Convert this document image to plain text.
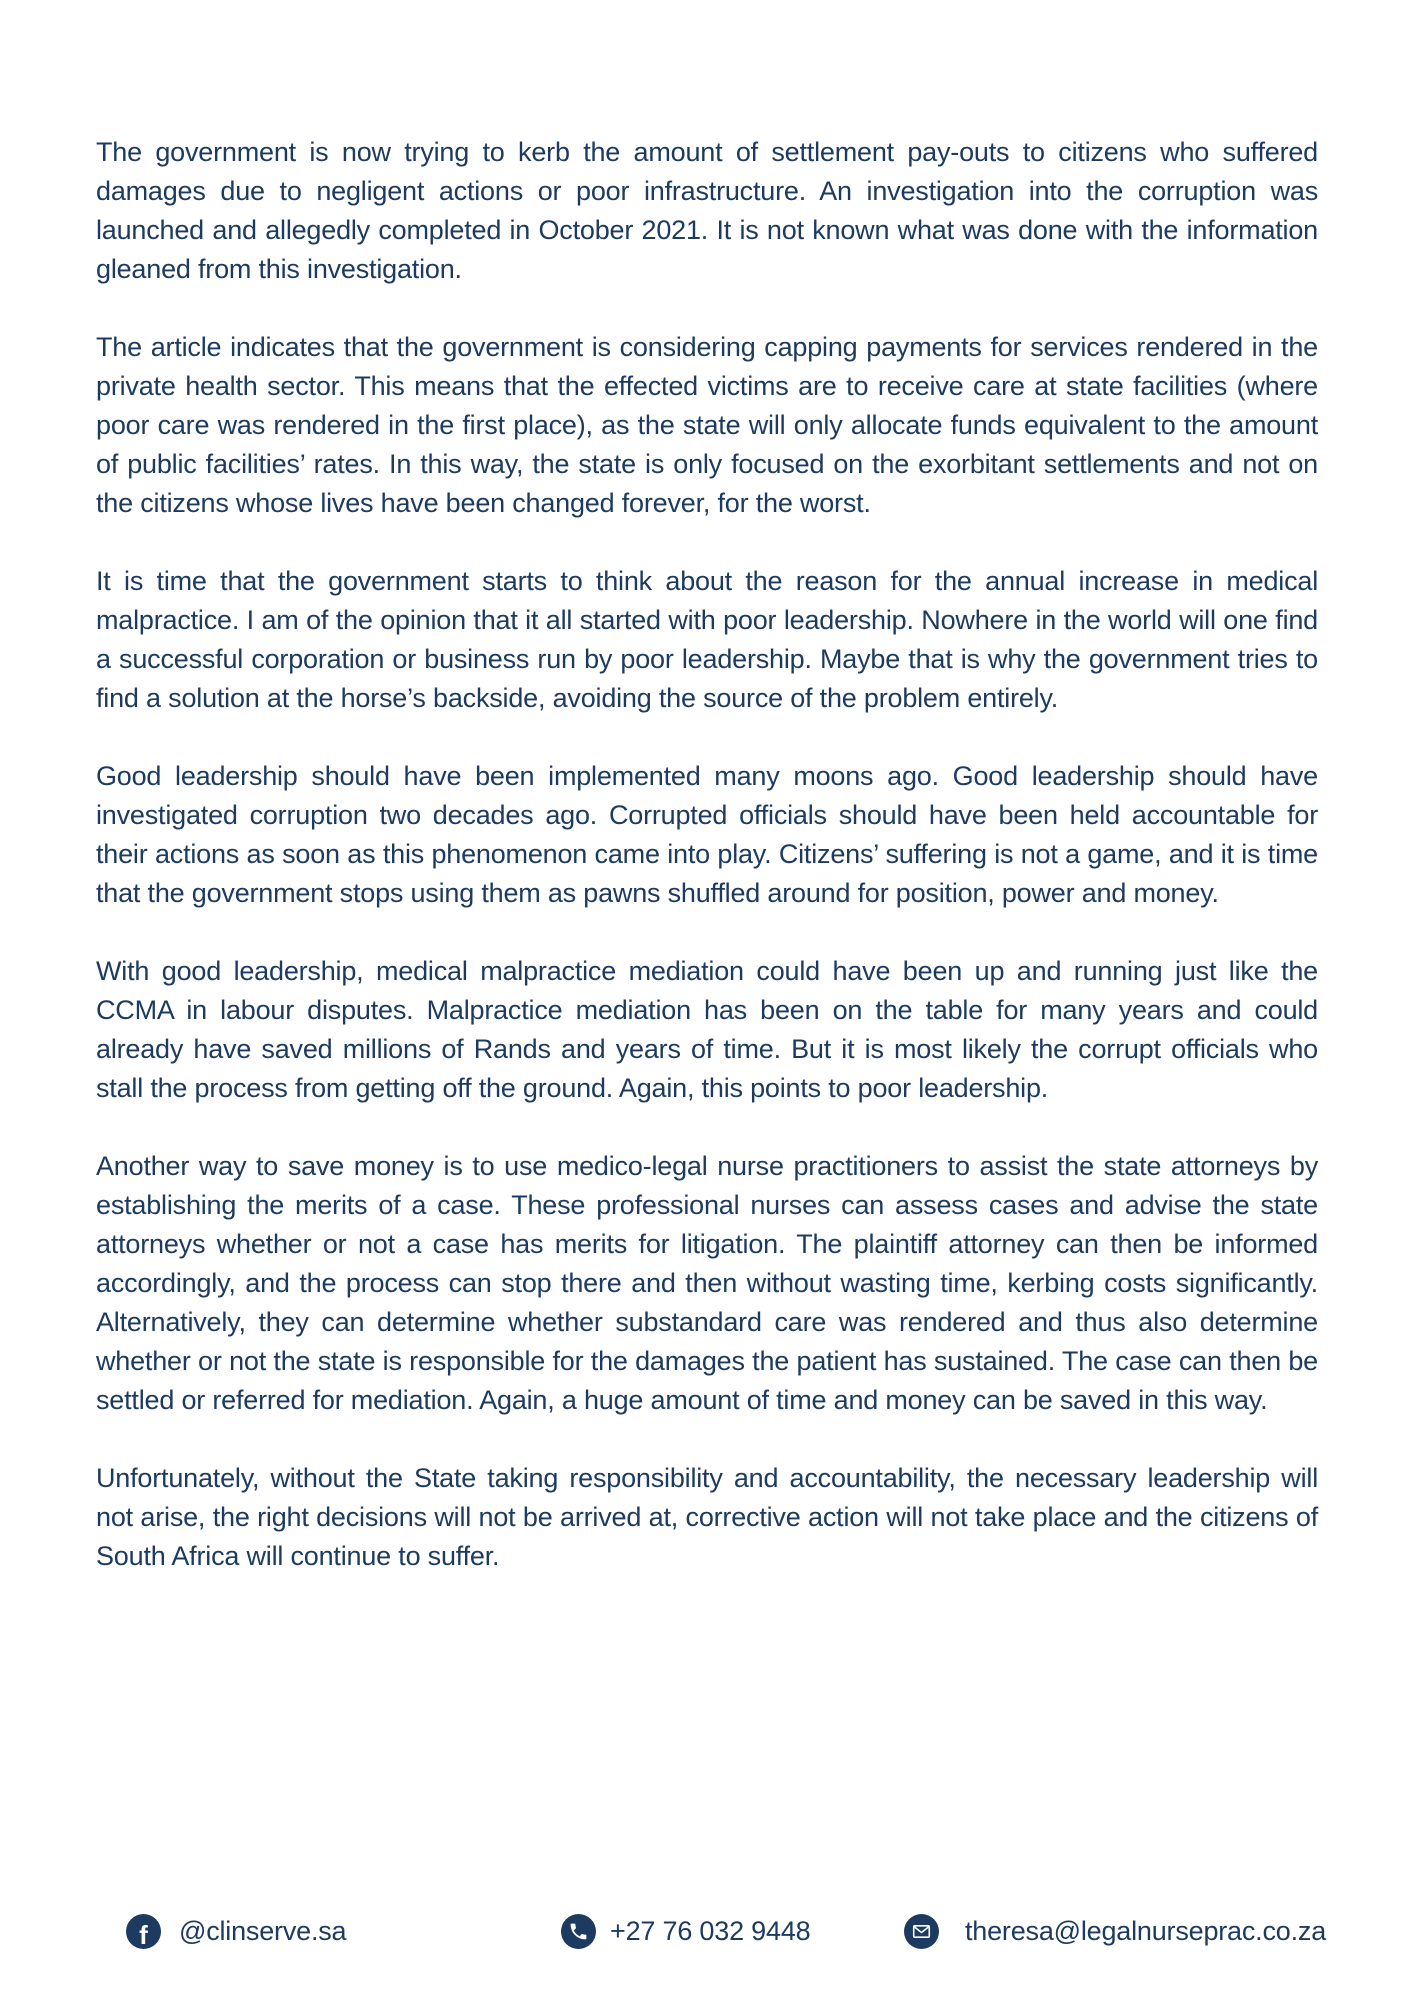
The government is now trying to kerb the amount of settlement pay-outs to citizens who suffered damages due to negligent actions or poor infrastructure. An investigation into the corruption was launched and allegedly completed in October 2021. It is not known what was done with the information gleaned from this investigation.

The article indicates that the government is considering capping payments for services rendered in the private health sector. This means that the effected victims are to receive care at state facilities (where poor care was rendered in the first place), as the state will only allocate funds equivalent to the amount of public facilities’ rates. In this way, the state is only focused on the exorbitant settlements and not on the citizens whose lives have been changed forever, for the worst.

It is time that the government starts to think about the reason for the annual increase in medical malpractice. I am of the opinion that it all started with poor leadership. Nowhere in the world will one find a successful corporation or business run by poor leadership. Maybe that is why the government tries to find a solution at the horse’s backside, avoiding the source of the problem entirely.

Good leadership should have been implemented many moons ago. Good leadership should have investigated corruption two decades ago. Corrupted officials should have been held accountable for their actions as soon as this phenomenon came into play. Citizens’ suffering is not a game, and it is time that the government stops using them as pawns shuffled around for position, power and money.

With good leadership, medical malpractice mediation could have been up and running just like the CCMA in labour disputes. Malpractice mediation has been on the table for many years and could already have saved millions of Rands and years of time. But it is most likely the corrupt officials who stall the process from getting off the ground. Again, this points to poor leadership.

Another way to save money is to use medico-legal nurse practitioners to assist the state attorneys by establishing the merits of a case. These professional nurses can assess cases and advise the state attorneys whether or not a case has merits for litigation. The plaintiff attorney can then be informed accordingly, and the process can stop there and then without wasting time, kerbing costs significantly. Alternatively, they can determine whether substandard care was rendered and thus also determine whether or not the state is responsible for the damages the patient has sustained. The case can then be settled or referred for mediation. Again, a huge amount of time and money can be saved in this way.

Unfortunately, without the State taking responsibility and accountability, the necessary leadership will not arise, the right decisions will not be arrived at, corrective action will not take place and the citizens of South Africa will continue to suffer.

f @clinserve.sa	+27 76 032 9448	theresa@legalnurseprac.co.za
